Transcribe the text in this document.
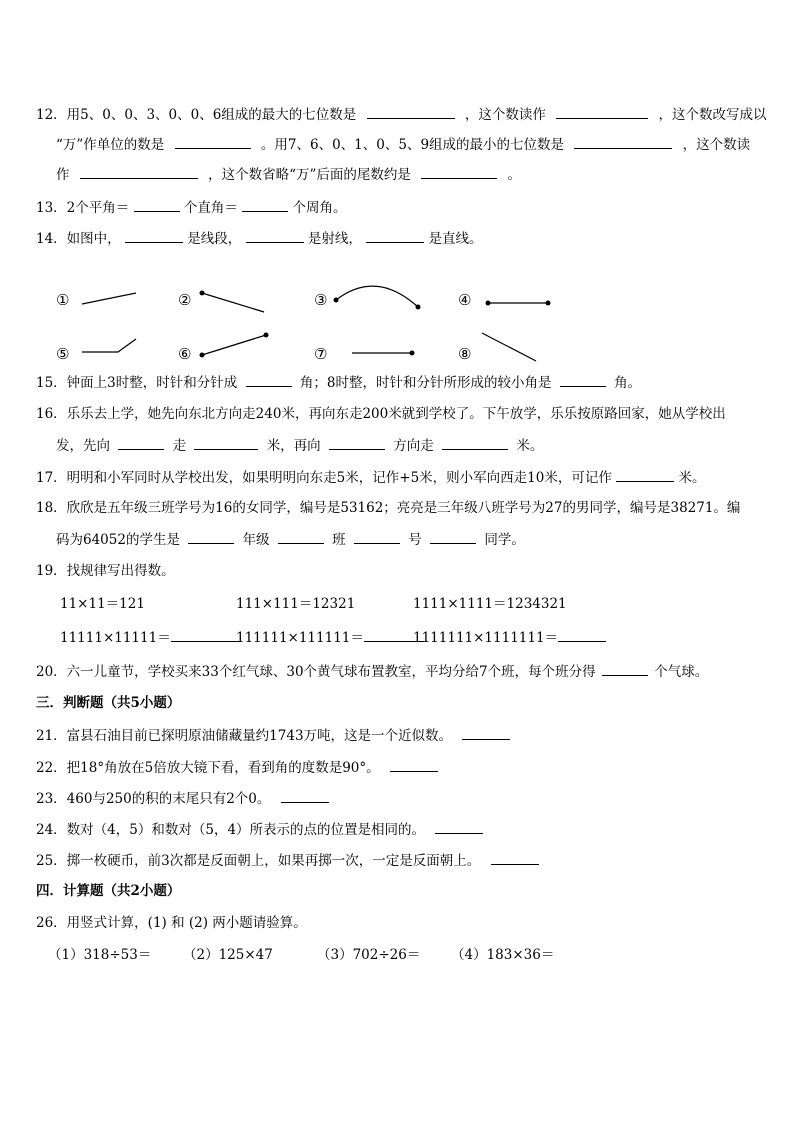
12．用5、0、0、3、0、0、6组成的最大的七位数是	，这个数读作	，这个数改写成以
“万”作单位的数是	。用7、6、0、1、0、5、9组成的最小的七位数是	，这个数读
作	，这个数省略“万”后面的尾数约是	。
13．2个平角＝	个直角＝	个周角。
14．如图中，	是线段，	是射线，	是直线。
①	②	③	④
⑤	⑥	⑦	⑧
15．钟面上3时整，时针和分针成	角；8时整，时针和分针所形成的较小角是	角。
16．乐乐去上学，她先向东北方向走240米，再向东走200米就到学校了。下午放学，乐乐按原路回家，她从学校出
发，先向	走	米，再向	方向走	米。
17．明明和小军同时从学校出发，如果明明向东走5米，记作+5米，则小军向西走10米，可记作	米。
18．欣欣是五年级三班学号为16的女同学，编号是53162；亮亮是三年级八班学号为27的男同学，编号是38271。编
码为64052的学生是	年级	班	号	同学。
19．找规律写出得数。
11×11＝121	111×111＝12321	1111×1111＝1234321
11111×11111＝	111111×111111＝	1111111×1111111＝
20．六一儿童节，学校买来33个红气球、30个黄气球布置教室，平均分给7个班，每个班分得	个气球。
三．判断题（共5小题）
21．富县石油目前已探明原油储藏量约1743万吨，这是一个近似数。
22．把18°角放在5倍放大镜下看，看到角的度数是90°。
23．460与250的积的末尾只有2个0。
24．数对（4，5）和数对（5，4）所表示的点的位置是相同的。
25．掷一枚硬币，前3次都是反面朝上，如果再掷一次，一定是反面朝上。
四．计算题（共2小题）
26．用竖式计算，(1) 和 (2) 两小题请验算。
（1）318÷53＝ （2）125×47	（3）702÷26＝ （4）183×36＝
